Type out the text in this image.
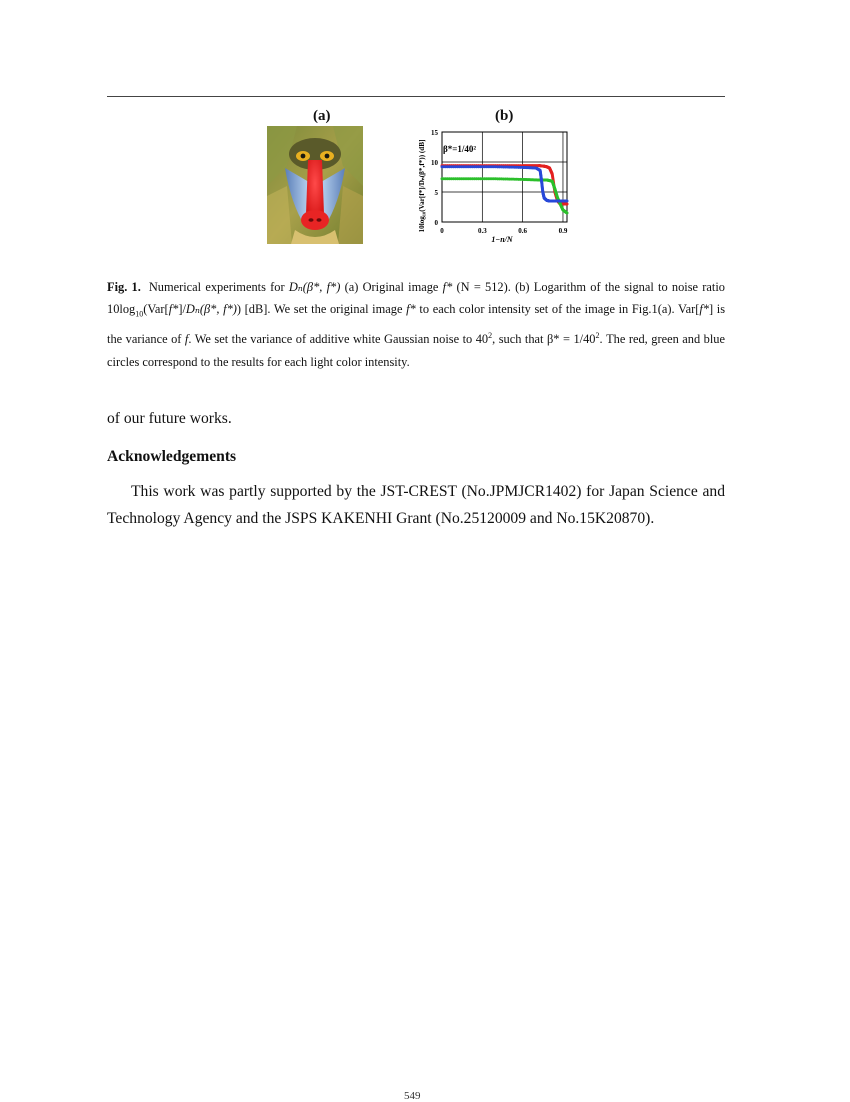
(a)	(b)
10log₁₀(Var[f*]/Dₙ(β*,f*)) (dB] 0
5
10
15
0	0.3	0.6	0.9
1−n/N
β*=1/40²
Fig. 1. Numerical experiments for Dₙ(β*, f*) (a) Original image f* (N = 512). (b) Logarithm of the signal to noise ratio $10\log_{10}(Var[f*]/D_n(\beta*$, f*)) [dB]. We set the original image f* to each color intensity set of the image in Fig.1(a). Var[f*] is the variance of f. We set the variance of additive white Gaussian noise to $40^2$, such that $\beta* = 1/40^2$. The red, green and blue circles correspond to the results for each light color intensity.
of our future works.
Acknowledgements
This work was partly supported by the JST-CREST (No.JPMJCR1402) for Japan Science and Technology Agency and the JSPS KAKENHI Grant (No.25120009 and No.15K20870).
549
